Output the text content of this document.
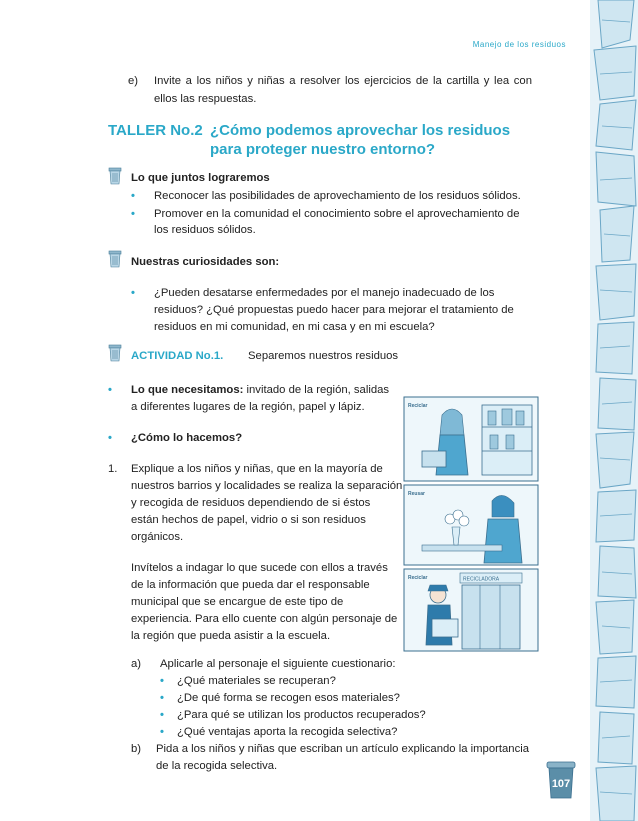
Manejo de los residuos
e) Invite a los niños y niñas a resolver los ejercicios de la cartilla y lea con ellos las respuestas.
TALLER No.2 ¿Cómo podemos aprovechar los residuos
para proteger nuestro entorno?
Lo que juntos lograremos
• Reconocer las posibilidades de aprovechamiento de los residuos sólidos.
• Promover en la comunidad el conocimiento sobre el aprovechamiento de
los residuos sólidos.
Nuestras curiosidades son:
• ¿Pueden desatarse enfermedades por el manejo inadecuado de los
residuos? ¿Qué propuestas puedo hacer para mejorar el tratamiento de
residuos en mi comunidad, en mi casa y en mi escuela?
ACTIVIDAD No.1. Separemos nuestros residuos
• Lo que necesitamos: invitado de la región, salidas
a diferentes lugares de la región, papel y lápiz.
• ¿Cómo lo hacemos?
1. Explique a los niños y niñas, que en la mayoría de
nuestros barrios y localidades se realiza la separación
y recogida de residuos dependiendo de si éstos
están hechos de papel, vidrio o si son residuos
orgánicos.
Invítelos a indagar lo que sucede con ellos a través
de la información que pueda dar el responsable
municipal que se encargue de este tipo de
experiencia. Para ello cuente con algún personaje de
la región que pueda asistir a la escuela.
a) Aplicarle al personaje el siguiente cuestionario:
• ¿Qué materiales se recuperan?
• ¿De qué forma se recogen esos materiales?
• ¿Para qué se utilizan los productos recuperados?
• ¿Qué ventajas aporta la recogida selectiva?
b) Pida a los niños y niñas que escriban un artículo explicando la importancia
de la recogida selectiva.
Reciclar
Reusar
RECICLADORA
Reciclar
107
